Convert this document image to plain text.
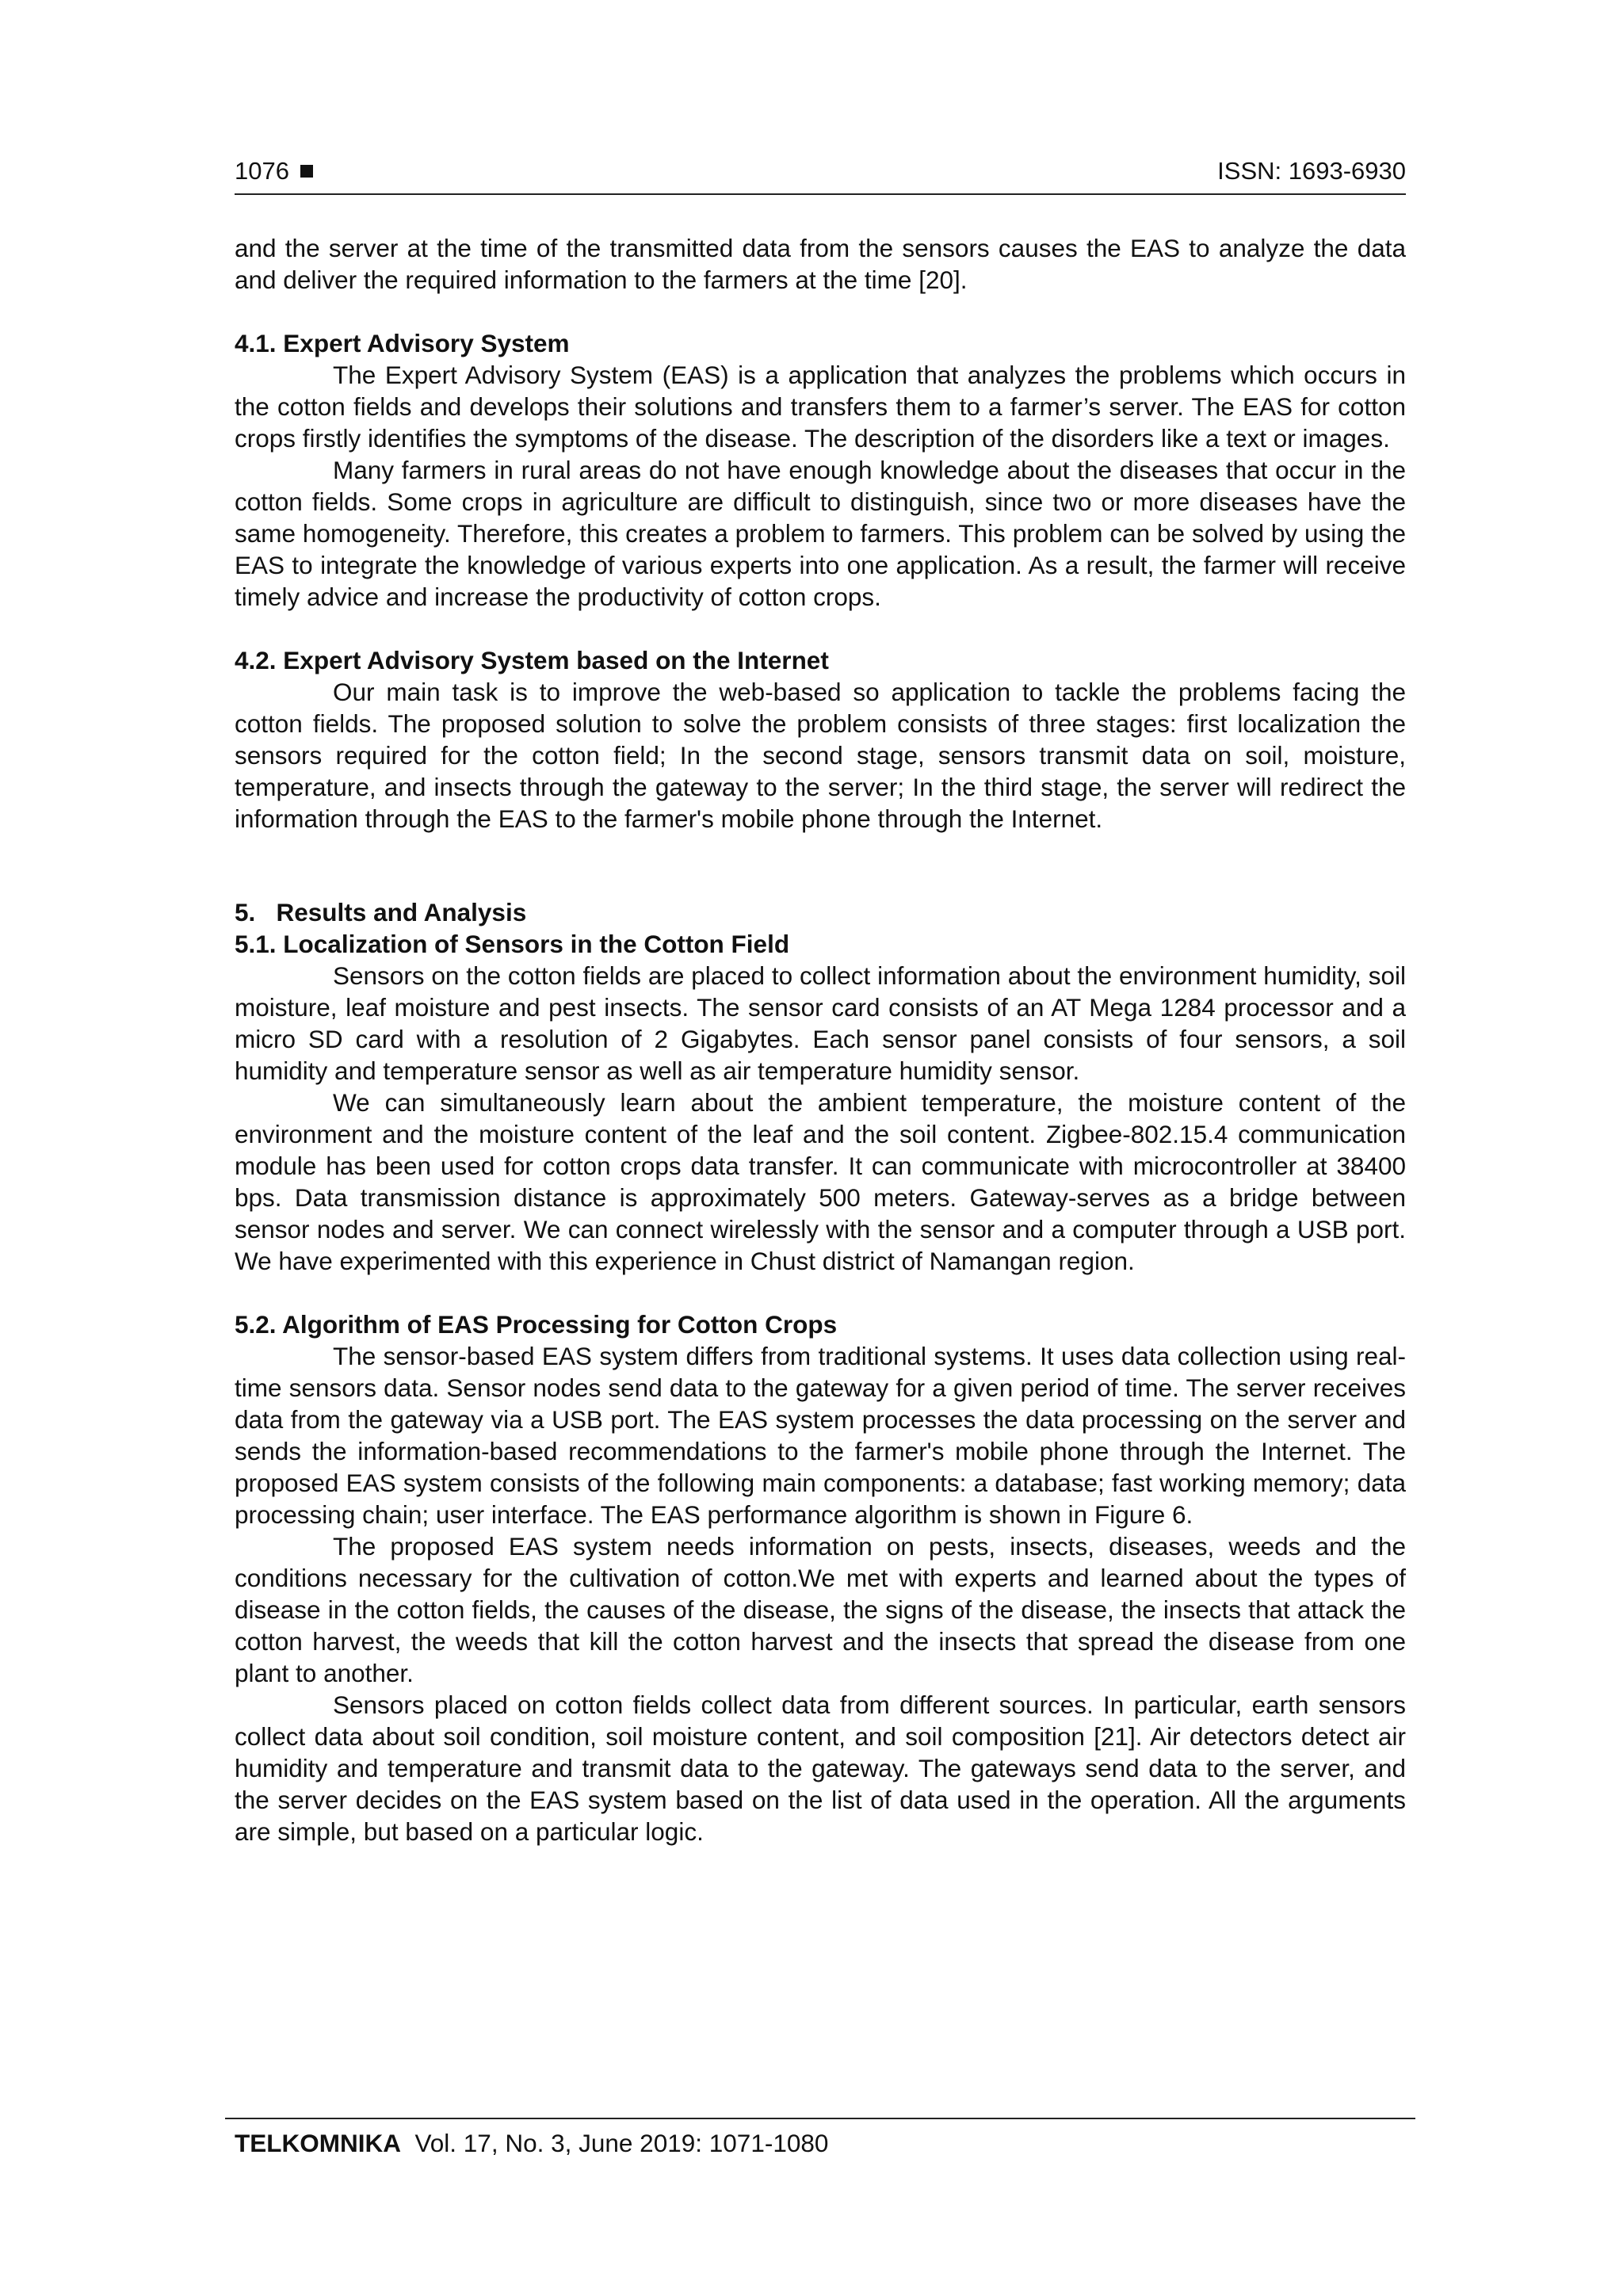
1076	ISSN: 1693-6930

and the server at the time of the transmitted data from the sensors causes the EAS to analyze the data and deliver the required information to the farmers at the time [20].

4.1. Expert Advisory System

The Expert Advisory System (EAS) is a application that analyzes the problems which occurs in the cotton fields and develops their solutions and transfers them to a farmer’s server. The EAS for cotton crops firstly identifies the symptoms of the disease. The description of the disorders like a text or images.

Many farmers in rural areas do not have enough knowledge about the diseases that occur in the cotton fields. Some crops in agriculture are difficult to distinguish, since two or more diseases have the same homogeneity. Therefore, this creates a problem to farmers. This problem can be solved by using the EAS to integrate the knowledge of various experts into one application. As a result, the farmer will receive timely advice and increase the productivity of cotton crops.

4.2. Expert Advisory System based on the Internet

Our main task is to improve the web-based so application to tackle the problems facing the cotton fields. The proposed solution to solve the problem consists of three stages: first localization the sensors required for the cotton field; In the second stage, sensors transmit data on soil, moisture, temperature, and insects through the gateway to the server; In the third stage, the server will redirect the information through the EAS to the farmer's mobile phone through the Internet.

5.   Results and Analysis
5.1. Localization of Sensors in the Cotton Field

Sensors on the cotton fields are placed to collect information about the environment humidity, soil moisture, leaf moisture and pest insects. The sensor card consists of an AT Mega 1284 processor and a micro SD card with a resolution of 2 Gigabytes. Each sensor panel consists of four sensors, a soil humidity and temperature sensor as well as air temperature humidity sensor.

We can simultaneously learn about the ambient temperature, the moisture content of the environment and the moisture content of the leaf and the soil content. Zigbee-802.15.4 communication module has been used for cotton crops data transfer. It can communicate with microcontroller at 38400 bps. Data transmission distance is approximately 500 meters. Gateway-serves as a bridge between sensor nodes and server. We can connect wirelessly with the sensor and a computer through a USB port. We have experimented with this experience in Chust district of Namangan region.

5.2. Algorithm of EAS Processing for Cotton Crops

The sensor-based EAS system differs from traditional systems. It uses data collection using real-time sensors data. Sensor nodes send data to the gateway for a given period of time. The server receives data from the gateway via a USB port. The EAS system processes the data processing on the server and sends the information-based recommendations to the farmer's mobile phone through the Internet. The proposed EAS system consists of the following main components: a database; fast working memory; data processing chain; user interface. The EAS performance algorithm is shown in Figure 6.

The proposed EAS system needs information on pests, insects, diseases, weeds and the conditions necessary for the cultivation of cotton.We met with experts and learned about the types of disease in the cotton fields, the causes of the disease, the signs of the disease, the insects that attack the cotton harvest, the weeds that kill the cotton harvest and the insects that spread the disease from one plant to another.

Sensors placed on cotton fields collect data from different sources. In particular, earth sensors collect data about soil condition, soil moisture content, and soil composition [21]. Air detectors detect air humidity and temperature and transmit data to the gateway. The gateways send data to the server, and the server decides on the EAS system based on the list of data used in the operation. All the arguments are simple, but based on a particular logic.

TELKOMNIKA Vol. 17, No. 3, June 2019: 1071-1080
